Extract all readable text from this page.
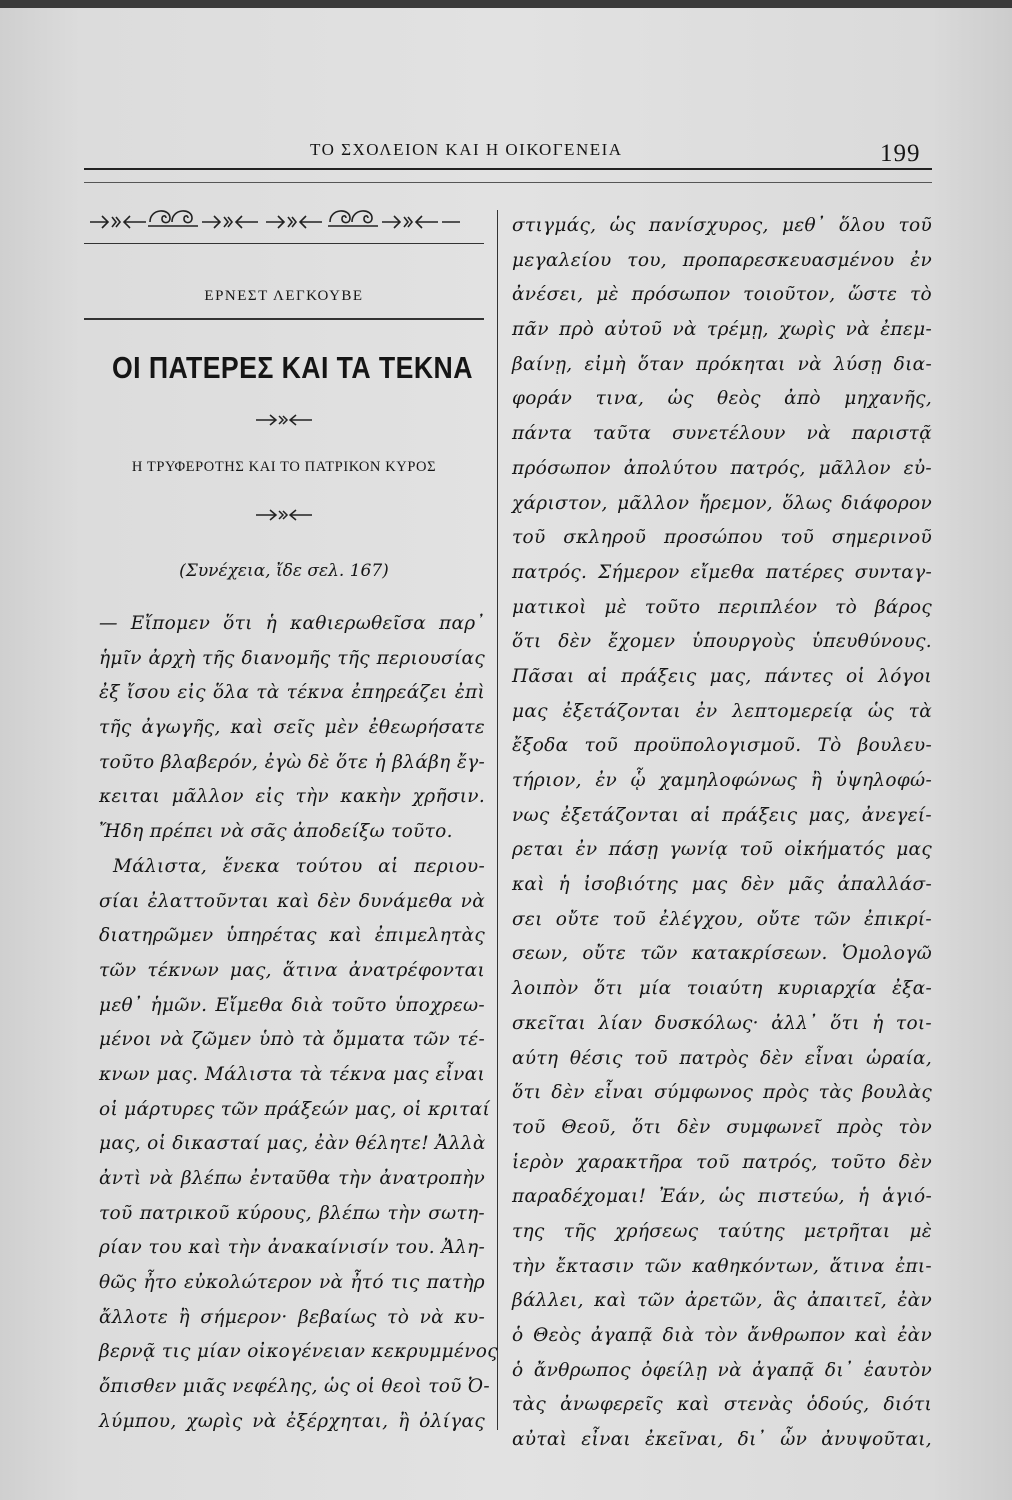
ΤΟ ΣΧΟΛΕΙΟΝ ΚΑΙ Η ΟΙΚΟΓΕΝΕΙΑ	199
ΕΡΝΕΣΤ ΛΕΓΚΟΥΒΕ
ΟΙ ΠΑΤΕΡΕΣ ΚΑΙ ΤΑ ΤΕΚΝΑ
Η ΤΡΥΦΕΡΟΤΗΣ ΚΑΙ ΤΟ ΠΑΤΡΙΚΟΝ ΚΥΡΟΣ
(Συνέχεια, ἴδε σελ. 167)
— Εἴπομεν ὅτι ἡ καθιερωθεῖσα παρ᾿
ἡμῖν ἀρχὴ τῆς διανομῆς τῆς περιουσίας
ἐξ ἴσου εἰς ὅλα τὰ τέκνα ἐπηρεάζει ἐπὶ
τῆς ἀγωγῆς, καὶ σεῖς μὲν ἐθεωρήσατε
τοῦτο βλαβερόν, ἐγὼ δὲ ὅτε ἡ βλάβη ἔγ-
κειται μᾶλλον εἰς τὴν κακὴν χρῆσιν.
Ἤδη πρέπει νὰ σᾶς ἀποδείξω τοῦτο.
Μάλιστα, ἕνεκα τούτου αἱ περιου-
σίαι ἐλαττοῦνται καὶ δὲν δυνάμεθα νὰ
διατηρῶμεν ὑπηρέτας καὶ ἐπιμελητὰς
τῶν τέκνων μας, ἅτινα ἀνατρέφονται
μεθ᾿ ἡμῶν. Εἴμεθα διὰ τοῦτο ὑποχρεω-
μένοι νὰ ζῶμεν ὑπὸ τὰ ὄμματα τῶν τέ-
κνων μας. Μάλιστα τὰ τέκνα μας εἶναι
οἱ μάρτυρες τῶν πράξεών μας, οἱ κριταί
μας, οἱ δικασταί μας, ἐὰν θέλητε! Ἀλλὰ
ἀντὶ νὰ βλέπω ἐνταῦθα τὴν ἀνατροπὴν
τοῦ πατρικοῦ κύρους, βλέπω τὴν σωτη-
ρίαν του καὶ τὴν ἀνακαίνισίν του. Ἀλη-
θῶς ἦτο εὐκολώτερον νὰ ἦτό τις πατὴρ
ἄλλοτε ἢ σήμερον· βεβαίως τὸ νὰ κυ-
βερνᾷ τις μίαν οἰκογένειαν κεκρυμμένος
ὄπισθεν μιᾶς νεφέλης, ὡς οἱ θεοὶ τοῦ Ὀ-
λύμπου, χωρὶς νὰ ἐξέρχηται, ἢ ὀλίγας
στιγμάς, ὡς πανίσχυρος, μεθ᾿ ὅλου τοῦ
μεγαλείου του, προπαρεσκευασμένου ἐν
ἀνέσει, μὲ πρόσωπον τοιοῦτον, ὥστε τὸ
πᾶν πρὸ αὐτοῦ νὰ τρέμῃ, χωρὶς νὰ ἐπεμ-
βαίνῃ, εἰμὴ ὅταν πρόκηται νὰ λύσῃ δια-
φοράν τινα, ὡς θεὸς ἀπὸ μηχανῆς,
πάντα ταῦτα συνετέλουν νὰ παριστᾷ
πρόσωπον ἀπολύτου πατρός, μᾶλλον εὐ-
χάριστον, μᾶλλον ἤρεμον, ὅλως διάφορον
τοῦ σκληροῦ προσώπου τοῦ σημερινοῦ
πατρός. Σήμερον εἴμεθα πατέρες συνταγ-
ματικοὶ μὲ τοῦτο περιπλέον τὸ βάρος
ὅτι δὲν ἔχομεν ὑπουργοὺς ὑπευθύνους.
Πᾶσαι αἱ πράξεις μας, πάντες οἱ λόγοι
μας ἐξετάζονται ἐν λεπτομερείᾳ ὡς τὰ
ἔξοδα τοῦ προϋπολογισμοῦ. Τὸ βουλευ-
τήριον, ἐν ᾧ χαμηλοφώνως ἢ ὑψηλοφώ-
νως ἐξετάζονται αἱ πράξεις μας, ἀνεγεί-
ρεται ἐν πάσῃ γωνίᾳ τοῦ οἰκήματός μας
καὶ ἡ ἰσοβιότης μας δὲν μᾶς ἀπαλλάσ-
σει οὔτε τοῦ ἐλέγχου, οὔτε τῶν ἐπικρί-
σεων, οὔτε τῶν κατακρίσεων. Ὁμολογῶ
λοιπὸν ὅτι μία τοιαύτη κυριαρχία ἐξα-
σκεῖται λίαν δυσκόλως· ἀλλ᾿ ὅτι ἡ τοι-
αύτη θέσις τοῦ πατρὸς δὲν εἶναι ὡραία,
ὅτι δὲν εἶναι σύμφωνος πρὸς τὰς βουλὰς
τοῦ Θεοῦ, ὅτι δὲν συμφωνεῖ πρὸς τὸν
ἱερὸν χαρακτῆρα τοῦ πατρός, τοῦτο δὲν
παραδέχομαι! Ἐάν, ὡς πιστεύω, ἡ ἁγιό-
της τῆς χρήσεως ταύτης μετρῆται μὲ
τὴν ἔκτασιν τῶν καθηκόντων, ἅτινα ἐπι-
βάλλει, καὶ τῶν ἀρετῶν, ἃς ἀπαιτεῖ, ἐὰν
ὁ Θεὸς ἀγαπᾷ διὰ τὸν ἄνθρωπον καὶ ἐὰν
ὁ ἄνθρωπος ὀφείλῃ νὰ ἀγαπᾷ δι᾿ ἑαυτὸν
τὰς ἀνωφερεῖς καὶ στενὰς ὁδούς, διότι
αὐταὶ εἶναι ἐκεῖναι, δι᾿ ὧν ἀνυψοῦται,
